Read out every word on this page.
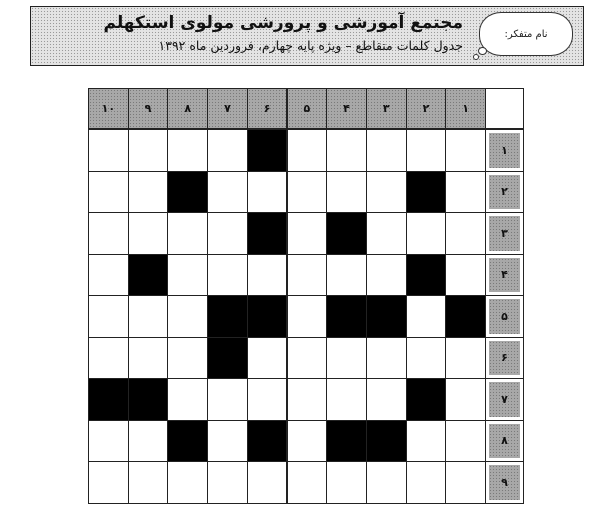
مجتمع آموزشی و پرورشی مولوی استکهلم
جدول کلمات متقاطع – ویژه پایه چهارم، فروردین ماه ۱۳۹۲
نام متفکر:
۱
۲
۳
۴
۵
۶
۷
۸
۹
۱۰
۱
۲
۳
۴
۵
۶
۷
۸
۹
